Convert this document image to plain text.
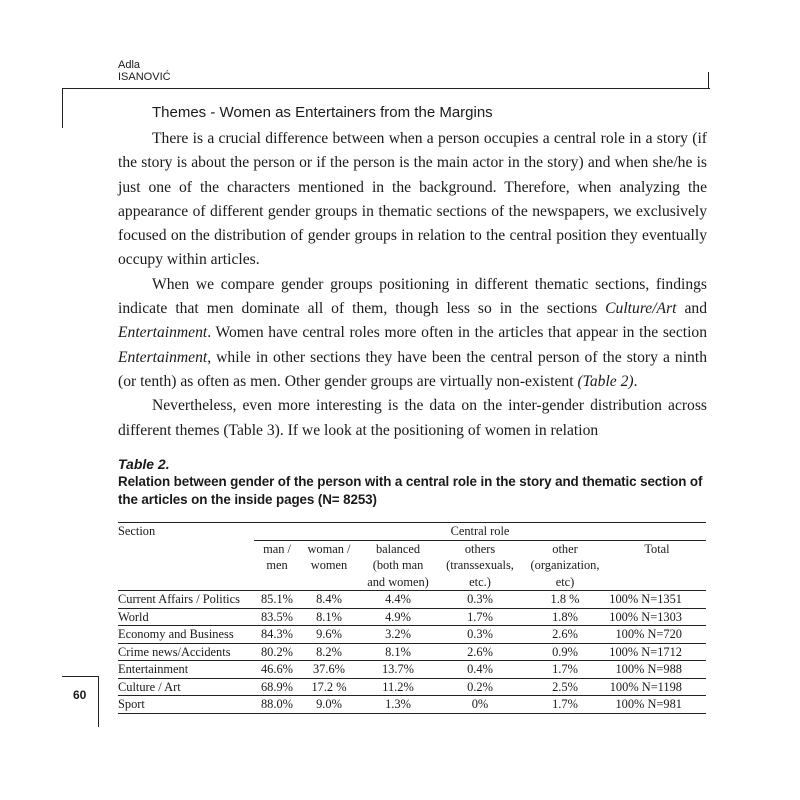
Adla
ISANOVIĆ
Themes - Women as Entertainers from the Margins

There is a crucial difference between when a person occupies a central role in a story (if the story is about the person or if the person is the main actor in the story) and when she/he is just one of the characters mentioned in the background. Therefore, when analyzing the appearance of different gender groups in thematic sections of the newspapers, we exclusively focused on the distribution of gender groups in relation to the central position they eventually occupy within articles.

When we compare gender groups positioning in different thematic sections, findings indicate that men dominate all of them, though less so in the sections Culture/Art and Entertainment. Women have central roles more often in the articles that appear in the section Entertainment, while in other sections they have been the central person of the story a ninth (or tenth) as often as men. Other gender groups are virtually non-existent (Table 2).

Nevertheless, even more interesting is the data on the inter-gender distribution across different themes (Table 3). If we look at the positioning of women in relation

Table 2.
Relation between gender of the person with a central role in the story and thematic section of the articles on the inside pages (N= 8253)
Section	Central role					
	man /	woman /	balanced	others	other	Total
	men	women	(both man	(transsexuals,	(organization,	
			and women)	etc.)	etc)	
Current Affairs / Politics	85.1%	8.4%	4.4%	0.3%	1.8 %	100% N=1351
World	83.5%	8.1%	4.9%	1.7%	1.8%	100% N=1303
Economy and Business	84.3%	9.6%	3.2%	0.3%	2.6%	100% N=720
Crime news/Accidents	80.2%	8.2%	8.1%	2.6%	0.9%	100% N=1712
Entertainment	46.6%	37.6%	13.7%	0.4%	1.7%	100% N=988
Culture / Art	68.9%	17.2 %	11.2%	0.2%	2.5%	100% N=1198
Sport	88.0%	9.0%	1.3%	0%	1.7%	100% N=981
60
